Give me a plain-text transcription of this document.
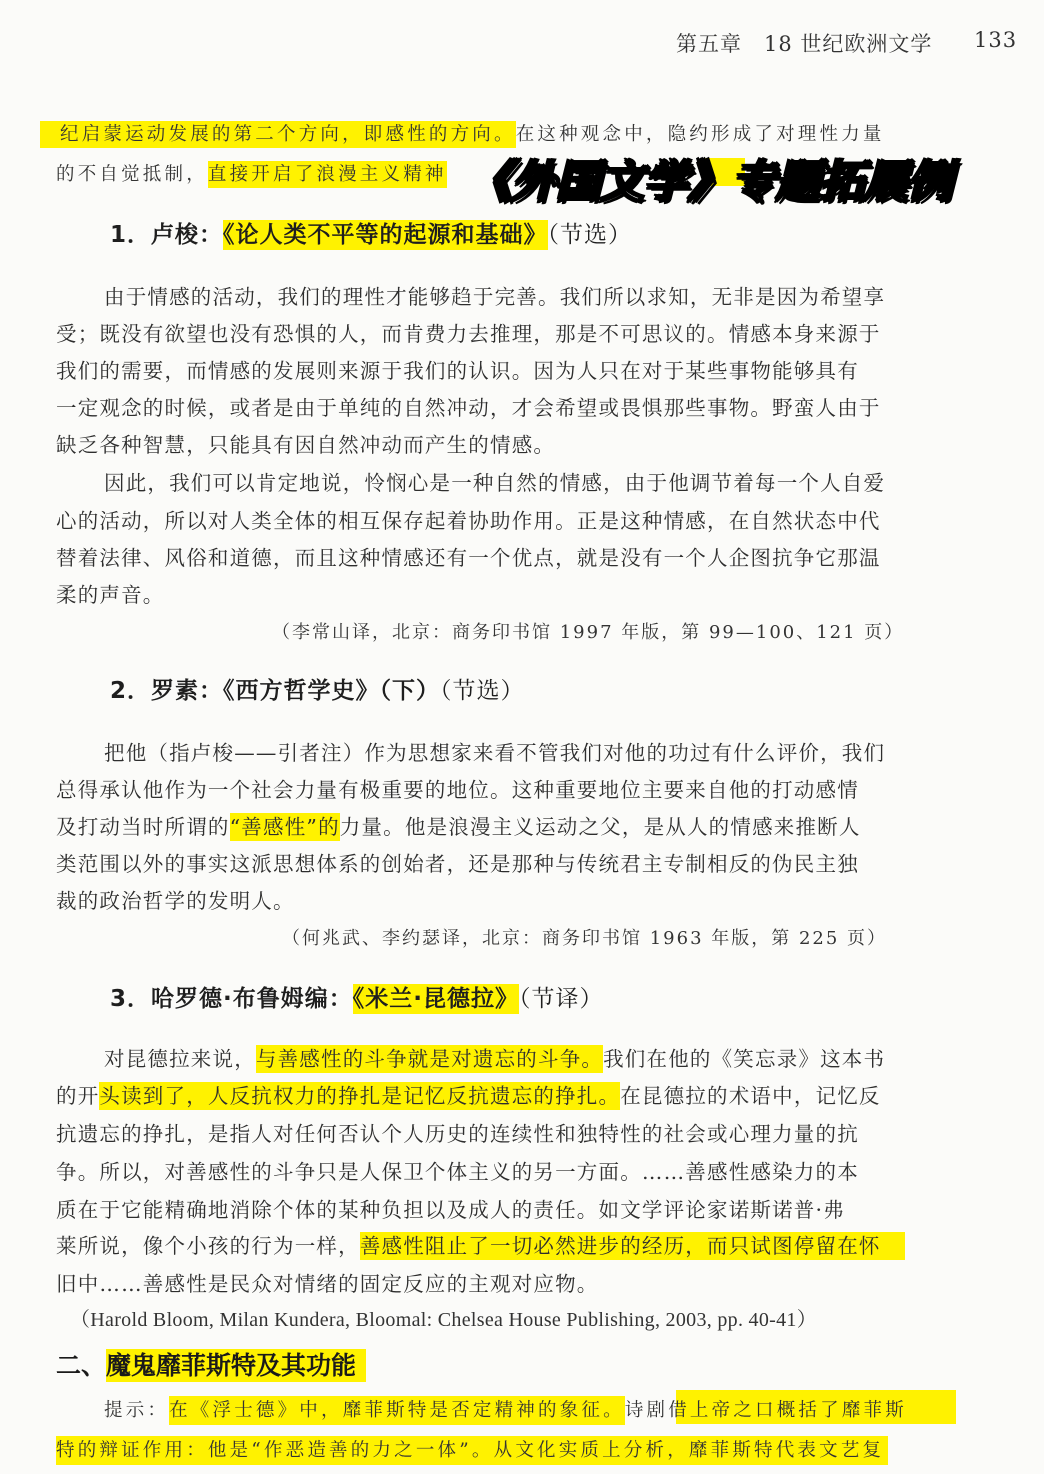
第五章　18 世纪欧洲文学 133
纪启蒙运动发展的第二个方向，即感性的方向。在这种观念中，隐约形成了对理性力量
的不自觉抵制，直接开启了浪漫主义精神 《外国文学》专题拓展例
1．卢梭：《论人类不平等的起源和基础》（节选）
由于情感的活动，我们的理性才能够趋于完善。我们所以求知，无非是因为希望享
受；既没有欲望也没有恐惧的人，而肯费力去推理，那是不可思议的。情感本身来源于
我们的需要，而情感的发展则来源于我们的认识。因为人只在对于某些事物能够具有
一定观念的时候，或者是由于单纯的自然冲动，才会希望或畏惧那些事物。野蛮人由于
缺乏各种智慧，只能具有因自然冲动而产生的情感。
因此，我们可以肯定地说，怜悯心是一种自然的情感，由于他调节着每一个人自爱
心的活动，所以对人类全体的相互保存起着协助作用。正是这种情感，在自然状态中代
替着法律、风俗和道德，而且这种情感还有一个优点，就是没有一个人企图抗争它那温
柔的声音。
（李常山译，北京：商务印书馆 1997 年版，第 99—100、121 页）
2．罗素：《西方哲学史》（下）（节选）
把他（指卢梭——引者注）作为思想家来看不管我们对他的功过有什么评价，我们
总得承认他作为一个社会力量有极重要的地位。这种重要地位主要来自他的打动感情
及打动当时所谓的“善感性”的力量。他是浪漫主义运动之父，是从人的情感来推断人
类范围以外的事实这派思想体系的创始者，还是那种与传统君主专制相反的伪民主独
裁的政治哲学的发明人。
（何兆武、李约瑟译，北京：商务印书馆 1963 年版，第 225 页）
3．哈罗德·布鲁姆编：《米兰·昆德拉》（节译）
对昆德拉来说，与善感性的斗争就是对遗忘的斗争。我们在他的《笑忘录》这本书
的开头读到了，人反抗权力的挣扎是记忆反抗遗忘的挣扎。在昆德拉的术语中，记忆反
抗遗忘的挣扎，是指人对任何否认个人历史的连续性和独特性的社会或心理力量的抗
争。所以，对善感性的斗争只是人保卫个体主义的另一方面。……善感性感染力的本
质在于它能精确地消除个体的某种负担以及成人的责任。如文学评论家诺斯诺普·弗
莱所说，像个小孩的行为一样，善感性阻止了一切必然进步的经历，而只试图停留在怀
旧中……善感性是民众对情绪的固定反应的主观对应物。
（Harold Bloom, Milan Kundera, Bloomal: Chelsea House Publishing, 2003, pp. 40-41）
二、魔鬼靡菲斯特及其功能
提示：在《浮士德》中，靡菲斯特是否定精神的象征。诗剧借上帝之口概括了靡菲斯
特的辩证作用：他是“作恶造善的力之一体”。从文化实质上分析，靡菲斯特代表文艺复
